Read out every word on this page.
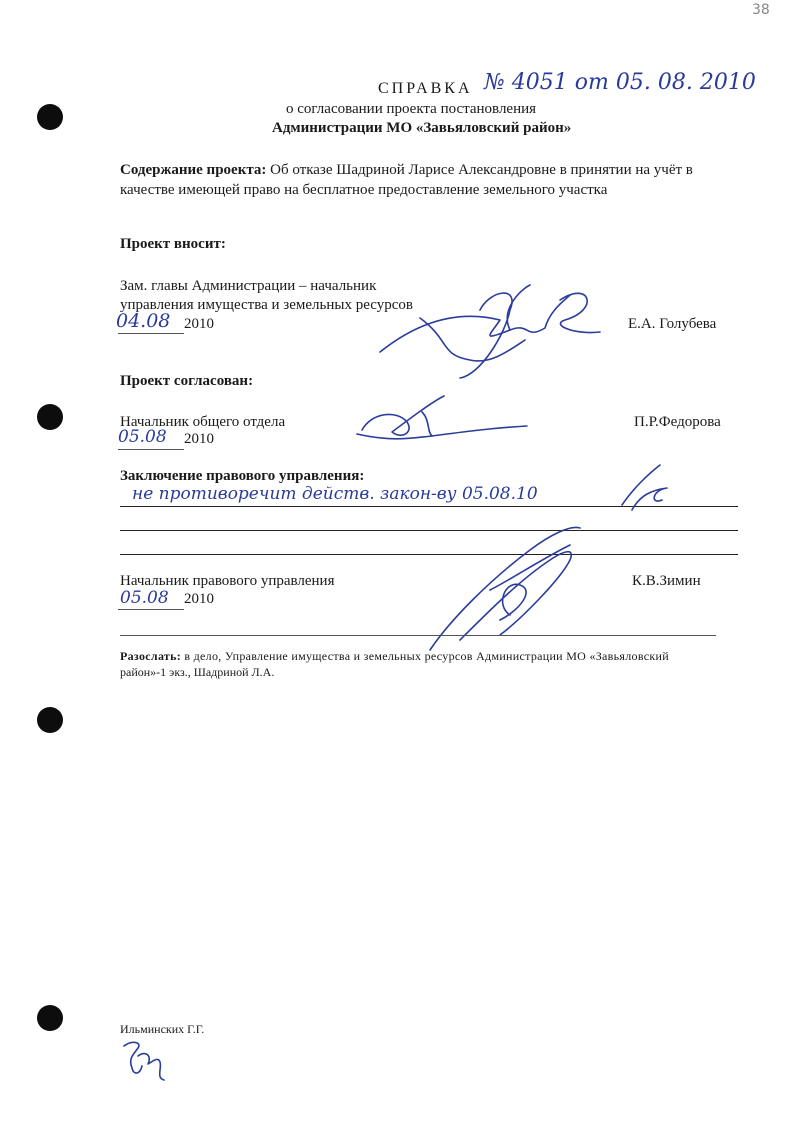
38
СПРАВКА № 4051 от 05. 08. 2010
о согласовании проекта постановления
Администрации МО «Завьяловский район»
Содержание проекта: Об отказе Шадриной Ларисе Александровне в принятии на учёт в
качестве имеющей право на бесплатное предоставление земельного участка
Проект вносит:
Зам. главы Администрации – начальник
управления имущества и земельных ресурсов
04.08 2010	Е.А. Голубева
Проект согласован:
Начальник общего отдела
05.08 2010
П.Р.Федорова
Заключение правового управления:
не противоречит действ. закон-ву 05.08.10
Начальник правового управления
05.08 2010
К.В.Зимин
Разослать: в дело, Управление имущества и земельных ресурсов Администрации МО «Завьяловский
район»-1 экз., Шадриной Л.А.
Ильминских Г.Г.
